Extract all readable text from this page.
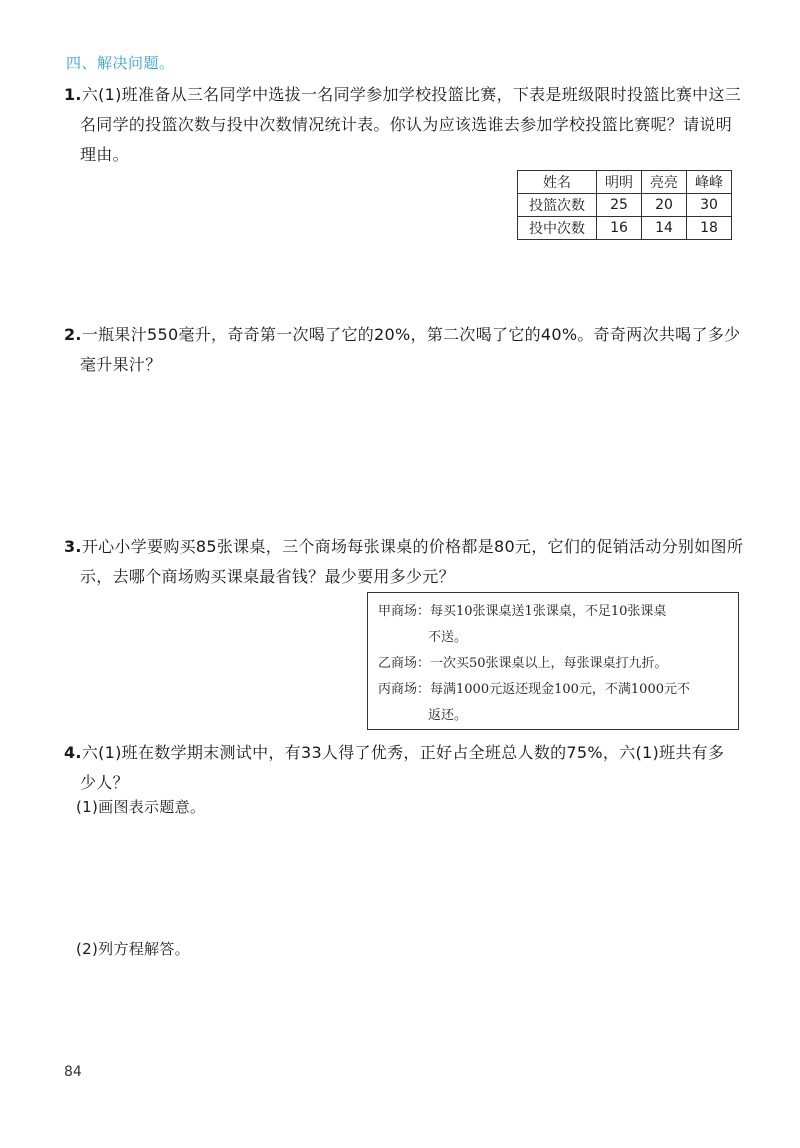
四、解决问题。
1.六(1)班准备从三名同学中选拔一名同学参加学校投篮比赛，下表是班级限时投篮比赛中这三
名同学的投篮次数与投中次数情况统计表。你认为应该选谁去参加学校投篮比赛呢？请说明
理由。
姓名	明明	亮亮	峰峰
投篮次数	25	20	30
投中次数	16	14	18
2.一瓶果汁550毫升，奇奇第一次喝了它的20%，第二次喝了它的40%。奇奇两次共喝了多少
毫升果汁？
3.开心小学要购买85张课桌，三个商场每张课桌的价格都是80元，它们的促销活动分别如图所
示，去哪个商场购买课桌最省钱？最少要用多少元？
甲商场：每买10张课桌送1张课桌，不足10张课桌
不送。
乙商场：一次买50张课桌以上，每张课桌打九折。
丙商场：每满1000元返还现金100元，不满1000元不
返还。
4.六(1)班在数学期末测试中，有33人得了优秀，正好占全班总人数的75%，六(1)班共有多
少人？
(1)画图表示题意。
(2)列方程解答。
84
